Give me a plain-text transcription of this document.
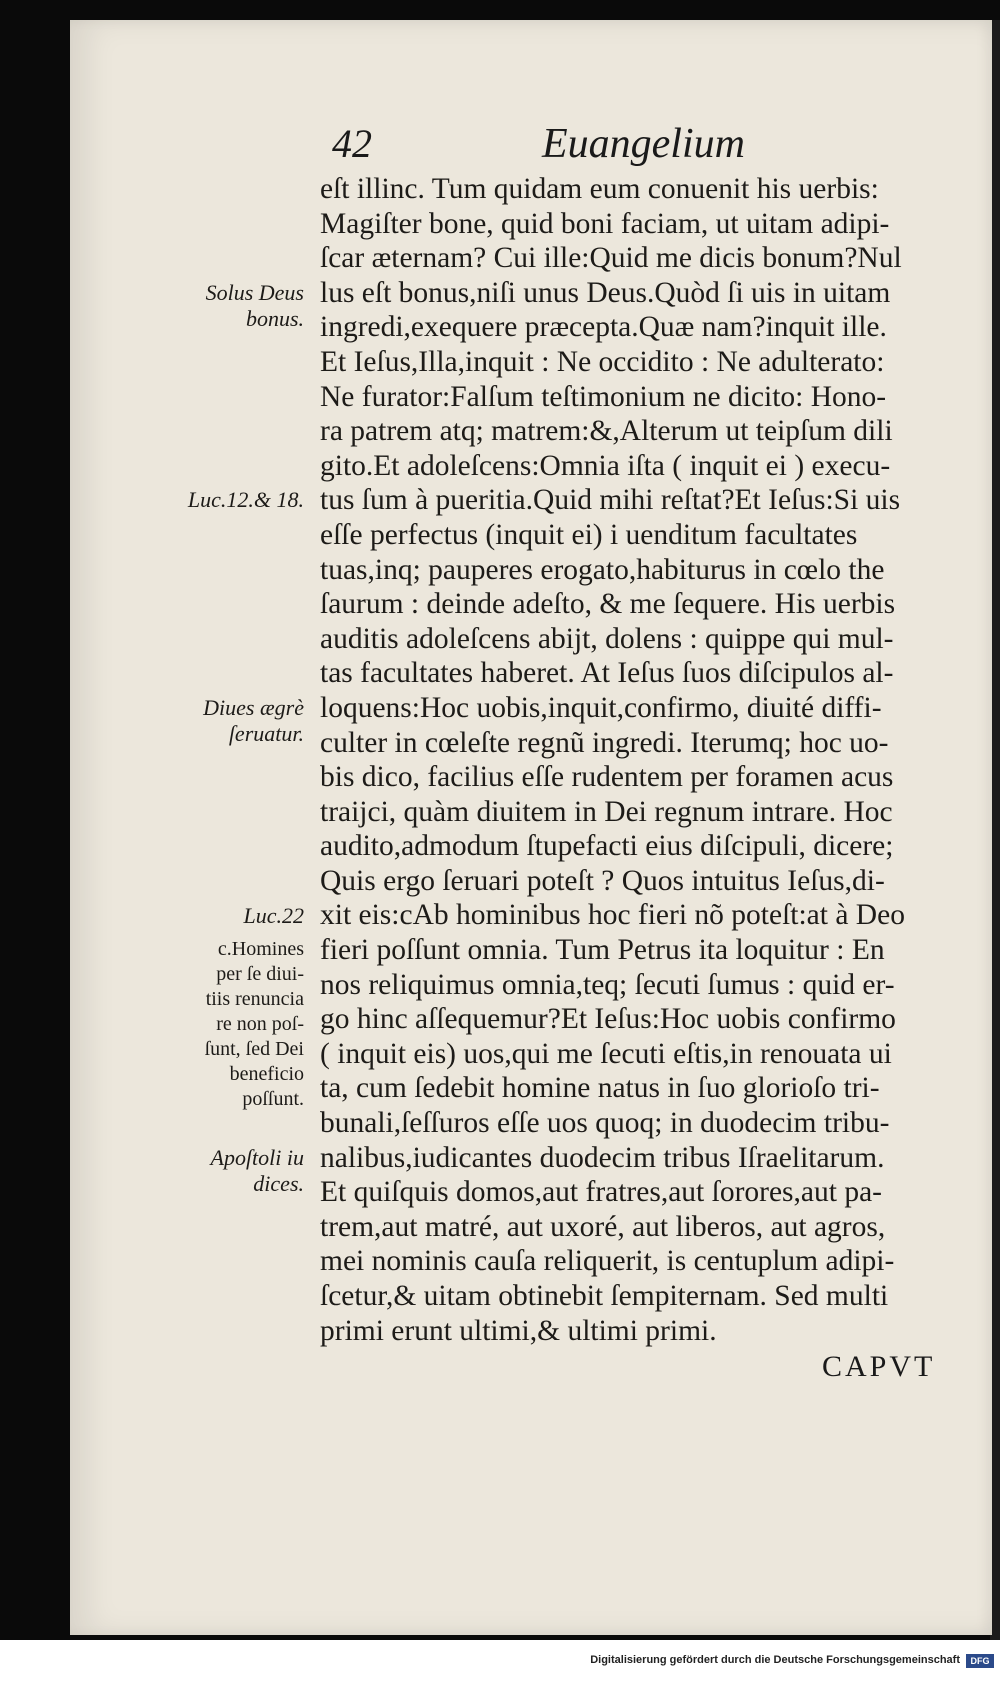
42	Euangelium
eſt illinc. Tum quidam eum conuenit his uerbis:
Magiſter bone, quid boni faciam, ut uitam adipi-
ſcar æternam? Cui ille:Quid me dicis bonum?Nul
lus eſt bonus,niſi unus Deus.Quòd ſi uis in uitam
ingredi,exequere præcepta.Quæ nam?inquit ille.
Et Ieſus,Illa,inquit : Ne occidito : Ne adulterato:
Ne furator:Falſum teſtimonium ne dicito: Hono-
ra patrem atq; matrem:&,Alterum ut teipſum dili
gito.Et adoleſcens:Omnia iſta ( inquit ei ) execu-
tus ſum à pueritia.Quid mihi reſtat?Et Ieſus:Si uis
eſſe perfectus (inquit ei) i uenditum facultates
tuas,inq; pauperes erogato,habiturus in cœlo the
ſaurum : deinde adeſto, & me ſequere. His uerbis
auditis adoleſcens abijt, dolens : quippe qui mul-
tas facultates haberet. At Ieſus ſuos diſcipulos al-
loquens:Hoc uobis,inquit,confirmo, diuité diffi-
culter in cœleſte regnũ ingredi. Iterumq; hoc uo-
bis dico, facilius eſſe rudentem per foramen acus
traijci, quàm diuitem in Dei regnum intrare. Hoc
audito,admodum ſtupefacti eius diſcipuli, dicere;
Quis ergo ſeruari poteſt ? Quos intuitus Ieſus,di-
xit eis:cAb hominibus hoc fieri nõ poteſt:at à Deo
fieri poſſunt omnia. Tum Petrus ita loquitur : En
nos reliquimus omnia,teq; ſecuti ſumus : quid er-
go hinc aſſequemur?Et Ieſus:Hoc uobis confirmo
( inquit eis) uos,qui me ſecuti eſtis,in renouata ui
ta, cum ſedebit homine natus in ſuo glorioſo tri-
bunali,ſeſſuros eſſe uos quoq; in duodecim tribu-
nalibus,iudicantes duodecim tribus Iſraelitarum.
Et quiſquis domos,aut fratres,aut ſorores,aut pa-
trem,aut matré, aut uxoré, aut liberos, aut agros,
mei nominis cauſa reliquerit, is centuplum adipi-
ſcetur,& uitam obtinebit ſempiternam. Sed multi
primi erunt ultimi,& ultimi primi.
Solus Deus
bonus.
Luc.12.& 18.
Diues ægrè
ſeruatur.
Luc.22
c.Homines
per ſe diui-
tiis renuncia
re non poſ-
ſunt, ſed Dei
beneficio
poſſunt.
Apoſtoli iu
dices.
CAPVT
Digitalisierung gefördert durch die Deutsche Forschungsgemeinschaft	DFG
